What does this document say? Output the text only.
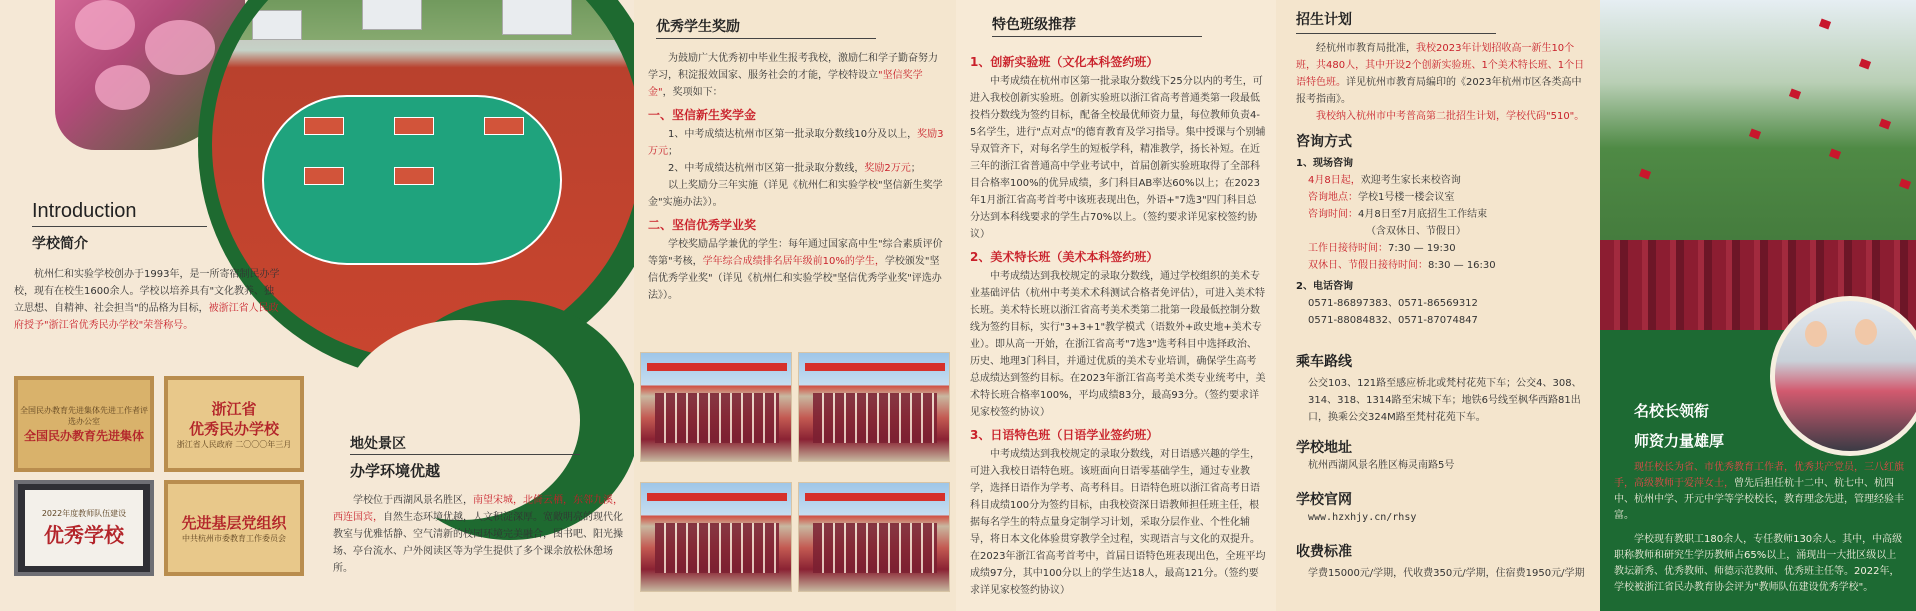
Introduction
学校简介
杭州仁和实验学校创办于1993年，是一所寄宿制民办学校，现有在校生1600余人。学校以培养具有"文化教养、独立思想、自精神、社会担当"的品格为目标，被浙江省人民政府授予"浙江省优秀民办学校"荣誉称号。
全国民办教育先进集体先进工作者评选办公室
全国民办教育先进集体
浙江省
优秀民办学校
浙江省人民政府 二〇〇〇年三月
2022年度教师队伍建设
优秀学校	先进基层党组织
中共杭州市委教育工作委员会
地处景区
办学环境优越
学校位于西湖风景名胜区，南望宋城，北倚云栖，东邻九溪，西连国宾，自然生态环境优越，人文积淀深厚。宽敞明亮的现代化教室与优雅恬静、空气清新的校园环境完美融合，图书吧、阳光操场、亭台流水、户外阅读区等为学生提供了多个课余放松休憩场所。
优秀学生奖励

为鼓励广大优秀初中毕业生报考我校，激励仁和学子勤奋努力学习，积淀报效国家、服务社会的才能，学校特设立"坚信奖学金"，奖项如下：

一、坚信新生奖学金

1、中考成绩达杭州市区第一批录取分数线10分及以上，奖励3万元；

2、中考成绩达杭州市区第一批录取分数线，奖励2万元；

以上奖励分三年实施（详见《杭州仁和实验学校"坚信新生奖学金"实施办法》）。

二、坚信优秀学业奖

学校奖励品学兼优的学生：每年通过国家高中生"综合素质评价等第"考核，学年综合成绩排名居年级前10%的学生，学校颁发"坚信优秀学业奖"（详见《杭州仁和实验学校"坚信优秀学业奖"评选办法》）。

特色班级推荐
1、创新实验班（文化本科签约班）

中考成绩在杭州市区第一批录取分数线下25分以内的考生，可进入我校创新实验班。创新实验班以浙江省高考普通类第一段最低投档分数线为签约目标，配备全校最优师资力量，每位教师负责4-5名学生，进行"点对点"的德育教育及学习指导。集中授课与个别辅导双管齐下，对每名学生的短板学科，精准教学，扬长补短。在近三年的浙江省普通高中学业考试中，首届创新实验班取得了全部科目合格率100%的优异成绩，多门科目AB率达60%以上；在2023年1月浙江省高考首考中该班表现出色，外语+"7选3"四门科目总分达到本科线要求的学生占70%以上。（签约要求详见家校签约协议）

2、美术特长班（美术本科签约班）

中考成绩达到我校规定的录取分数线，通过学校组织的美术专业基础评估（杭州中考美术术科测试合格者免评估），可进入美术特长班。美术特长班以浙江省高考美术类第二批第一段最低控制分数线为签约目标，实行"3+3+1"教学模式（语数外+政史地+美术专业）。即从高一开始，在浙江省高考"7选3"选考科目中选择政治、历史、地理3门科目，并通过优质的美术专业培训，确保学生高考总成绩达到签约目标。在2023年浙江省高考美术类专业统考中，美术特长班合格率100%，平均成绩83分，最高93分。（签约要求详见家校签约协议）

3、日语特色班（日语学业签约班）

中考成绩达到我校规定的录取分数线，对日语感兴趣的学生，可进入我校日语特色班。该班面向日语零基础学生，通过专业教学，选择日语作为学考、高考科目。日语特色班以浙江省高考日语科目成绩100分为签约目标，由我校资深日语教师担任班主任，根据每名学生的特点量身定制学习计划，采取分层作业、个性化辅导，将日本文化体验贯穿教学全过程，实现语言与文化的双提升。在2023年浙江省高考首考中，首届日语特色班表现出色，全班平均成绩97分，其中100分以上的学生达18人，最高121分。（签约要求详见家校签约协议）

招生计划

经杭州市教育局批准，我校2023年计划招收高一新生10个班，共480人，其中开设2个创新实验班、1个美术特长班、1个日语特色班。详见杭州市教育局编印的《2023年杭州市区各类高中报考指南》。

我校纳入杭州市中考普高第二批招生计划，学校代码"510"。

咨询方式
1、现场咨询
4月8日起，欢迎考生家长来校咨询
咨询地点：学校1号楼一楼会议室
咨询时间：4月8日至7月底招生工作结束
（含双休日、节假日）
工作日接待时间：7:30 — 19:30
双休日、节假日接待时间：8:30 — 16:30
2、电话咨询
0571-86897383、0571-86569312
0571-88084832、0571-87074847
乘车路线

公交103、121路至感应桥北或梵村花苑下车；公交4、308、314、318、1314路至宋城下车；地铁6号线至枫华西路81出口，换乘公交324M路至梵村花苑下车。

学校地址
杭州西湖风景名胜区梅灵南路5号
学校官网
www.hzxhjy.cn/rhsy
收费标准
学费15000元/学期，代收费350元/学期，住宿费1950元/学期
名校长领衔
师资力量雄厚
现任校长为省、市优秀教育工作者，优秀共产党员，三八红旗手，高级教师于爱萍女士，曾先后担任杭十二中、杭七中、杭四中、杭州中学、开元中学等学校校长，教育理念先进，管理经验丰富。
学校现有教职工180余人，专任教师130余人。其中，中高级职称教师和研究生学历教师占65%以上，涌现出一大批区级以上教坛新秀、优秀教师、师德示范教师、优秀班主任等。2022年，学校被浙江省民办教育协会评为"教师队伍建设优秀学校"。
